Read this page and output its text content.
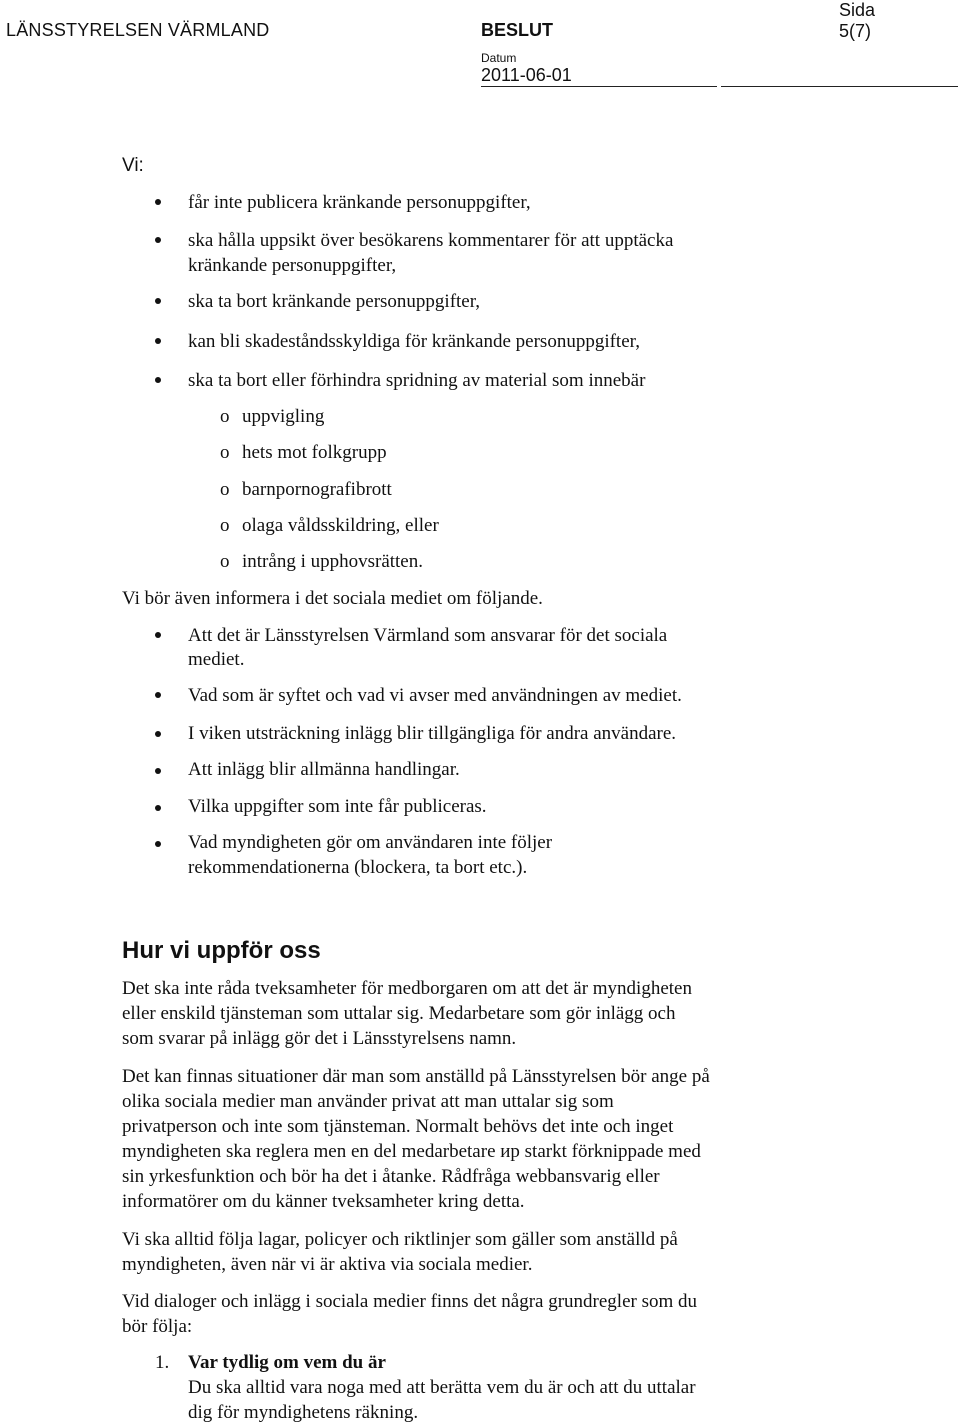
LÄNSSTYRELSEN VÄRMLAND	BESLUT
Sida
5(7)
Datum
2011-06-01
Vi:
får inte publicera kränkande personuppgifter,
ska hålla uppsikt över besökarens kommentarer för att upptäcka
kränkande personuppgifter,
ska ta bort kränkande personuppgifter,
kan bli skadeståndsskyldiga för kränkande personuppgifter,
ska ta bort eller förhindra spridning av material som innebär
o uppvigling
o hets mot folkgrupp
o barnpornografibrott
o olaga våldsskildring, eller
o intrång i upphovsrätten.
Vi bör även informera i det sociala mediet om följande.
Att det är Länsstyrelsen Värmland som ansvarar för det sociala
mediet.
Vad som är syftet och vad vi avser med användningen av mediet.
I viken utsträckning inlägg blir tillgängliga för andra användare.
Att inlägg blir allmänna handlingar.
Vilka uppgifter som inte får publiceras.
Vad myndigheten gör om användaren inte följer
rekommendationerna (blockera, ta bort etc.).
Hur vi uppför oss
Det ska inte råda tveksamheter för medborgaren om att det är myndigheten
eller enskild tjänsteman som uttalar sig. Medarbetare som gör inlägg och
som svarar på inlägg gör det i Länsstyrelsens namn.
Det kan finnas situationer där man som anställd på Länsstyrelsen bör ange på
olika sociala medier man använder privat att man uttalar sig som
privatperson och inte som tjänsteman. Normalt behövs det inte och inget
myndigheten ska reglera men en del medarbetare ир starkt förknippade med
sin yrkesfunktion och bör ha det i åtanke. Rådfråga webbansvarig eller
informatörer om du känner tveksamheter kring detta.
Vi ska alltid följa lagar, policyer och riktlinjer som gäller som anställd på
myndigheten, även när vi är aktiva via sociala medier.
Vid dialoger och inlägg i sociala medier finns det några grundregler som du
bör följa:
1. Var tydlig om vem du är
Du ska alltid vara noga med att berätta vem du är och att du uttalar
dig för myndighetens räkning.
